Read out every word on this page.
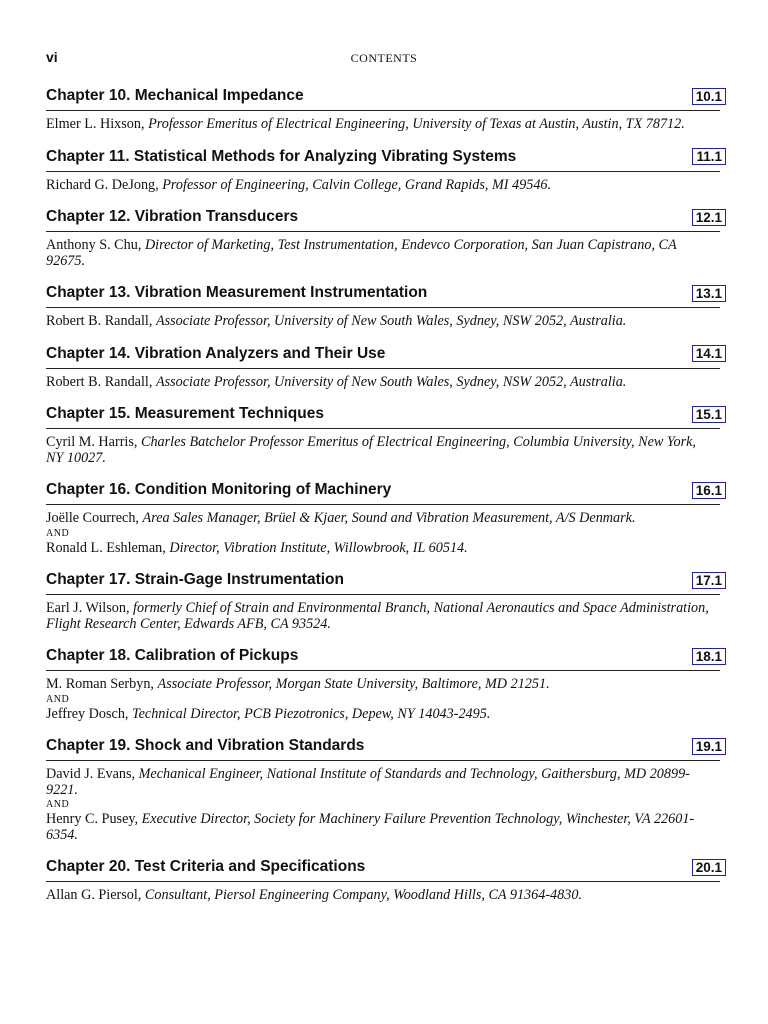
vi	CONTENTS
Chapter 10. Mechanical Impedance	10.1
Elmer L. Hixson, Professor Emeritus of Electrical Engineering, University of Texas at Austin, Austin, TX 78712.
Chapter 11. Statistical Methods for Analyzing Vibrating Systems	11.1
Richard G. DeJong, Professor of Engineering, Calvin College, Grand Rapids, MI 49546.
Chapter 12. Vibration Transducers	12.1
Anthony S. Chu, Director of Marketing, Test Instrumentation, Endevco Corporation, San Juan Capistrano, CA 92675.
Chapter 13. Vibration Measurement Instrumentation	13.1
Robert B. Randall, Associate Professor, University of New South Wales, Sydney, NSW 2052, Australia.
Chapter 14. Vibration Analyzers and Their Use	14.1
Robert B. Randall, Associate Professor, University of New South Wales, Sydney, NSW 2052, Australia.
Chapter 15. Measurement Techniques	15.1
Cyril M. Harris, Charles Batchelor Professor Emeritus of Electrical Engineering, Columbia University, New York, NY 10027.
Chapter 16. Condition Monitoring of Machinery	16.1
Joëlle Courrech, Area Sales Manager, Brüel & Kjaer, Sound and Vibration Measurement, A/S Denmark.
AND
Ronald L. Eshleman, Director, Vibration Institute, Willowbrook, IL 60514.
Chapter 17. Strain-Gage Instrumentation	17.1
Earl J. Wilson, formerly Chief of Strain and Environmental Branch, National Aeronautics and Space Administration, Flight Research Center, Edwards AFB, CA 93524.
Chapter 18. Calibration of Pickups	18.1
M. Roman Serbyn, Associate Professor, Morgan State University, Baltimore, MD 21251.
AND
Jeffrey Dosch, Technical Director, PCB Piezotronics, Depew, NY 14043-2495.
Chapter 19. Shock and Vibration Standards	19.1
David J. Evans, Mechanical Engineer, National Institute of Standards and Technology, Gaithersburg, MD 20899-9221.
AND
Henry C. Pusey, Executive Director, Society for Machinery Failure Prevention Technology, Winchester, VA 22601-6354.
Chapter 20. Test Criteria and Specifications	20.1
Allan G. Piersol, Consultant, Piersol Engineering Company, Woodland Hills, CA 91364-4830.
